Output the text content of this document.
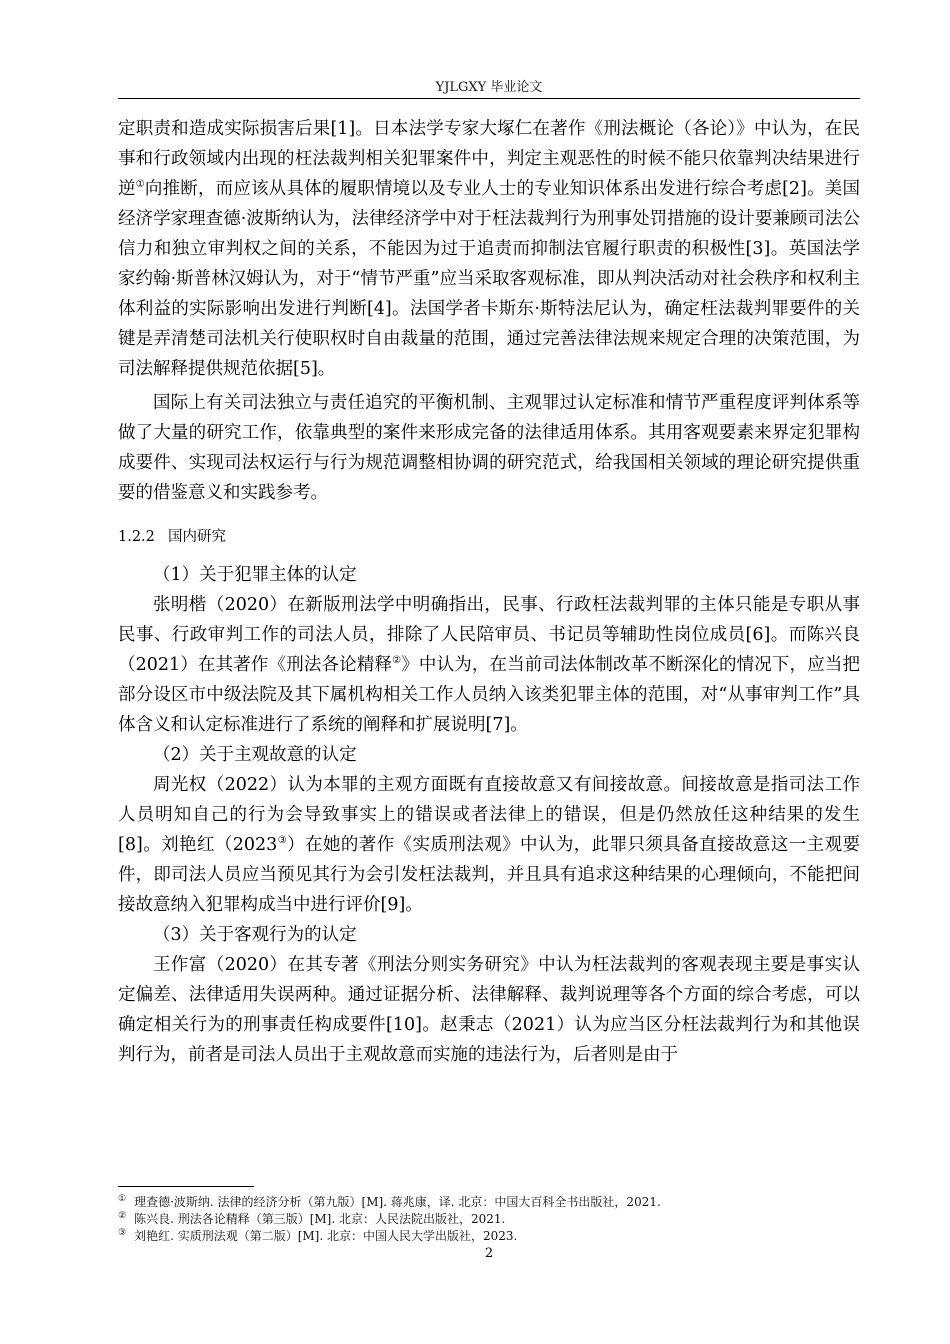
YJLGXY 毕业论文

定职责和造成实际损害后果[1]。日本法学专家大塚仁在著作《刑法概论（各论）》中认为，在民事和行政领域内出现的枉法裁判相关犯罪案件中，判定主观恶性的时候不能只依靠判决结果进行逆①向推断，而应该从具体的履职情境以及专业人士的专业知识体系出发进行综合考虑[2]。美国经济学家理查德·波斯纳认为，法律经济学中对于枉法裁判行为刑事处罚措施的设计要兼顾司法公信力和独立审判权之间的关系，不能因为过于追责而抑制法官履行职责的积极性[3]。英国法学家约翰·斯普林汉姆认为，对于“情节严重”应当采取客观标准，即从判决活动对社会秩序和权利主体利益的实际影响出发进行判断[4]。法国学者卡斯东·斯特法尼认为，确定枉法裁判罪要件的关键是弄清楚司法机关行使职权时自由裁量的范围，通过完善法律法规来规定合理的决策范围，为司法解释提供规范依据[5]。

国际上有关司法独立与责任追究的平衡机制、主观罪过认定标准和情节严重程度评判体系等做了大量的研究工作，依靠典型的案件来形成完备的法律适用体系。其用客观要素来界定犯罪构成要件、实现司法权运行与行为规范调整相协调的研究范式，给我国相关领域的理论研究提供重要的借鉴意义和实践参考。

1.2.2 国内研究

（1）关于犯罪主体的认定

张明楷（2020）在新版刑法学中明确指出，民事、行政枉法裁判罪的主体只能是专职从事民事、行政审判工作的司法人员，排除了人民陪审员、书记员等辅助性岗位成员[6]。而陈兴良（2021）在其著作《刑法各论精释②》中认为，在当前司法体制改革不断深化的情况下，应当把部分设区市中级法院及其下属机构相关工作人员纳入该类犯罪主体的范围，对“从事审判工作”具体含义和认定标准进行了系统的阐释和扩展说明[7]。

（2）关于主观故意的认定

周光权（2022）认为本罪的主观方面既有直接故意又有间接故意。间接故意是指司法工作人员明知自己的行为会导致事实上的错误或者法律上的错误，但是仍然放任这种结果的发生[8]。刘艳红（2023③）在她的著作《实质刑法观》中认为，此罪只须具备直接故意这一主观要件，即司法人员应当预见其行为会引发枉法裁判，并且具有追求这种结果的心理倾向，不能把间接故意纳入犯罪构成当中进行评价[9]。

（3）关于客观行为的认定

王作富（2020）在其专著《刑法分则实务研究》中认为枉法裁判的客观表现主要是事实认定偏差、法律适用失误两种。通过证据分析、法律解释、裁判说理等各个方面的综合考虑，可以确定相关行为的刑事责任构成要件[10]。赵秉志（2021）认为应当区分枉法裁判行为和其他误判行为，前者是司法人员出于主观故意而实施的违法行为，后者则是由于

① 理查德·波斯纳. 法律的经济分析（第九版）[M]. 蒋兆康，译. 北京：中国大百科全书出版社，2021.
② 陈兴良. 刑法各论精释（第三版）[M]. 北京：人民法院出版社，2021.
③ 刘艳红. 实质刑法观（第二版）[M]. 北京：中国人民大学出版社，2023.
2
